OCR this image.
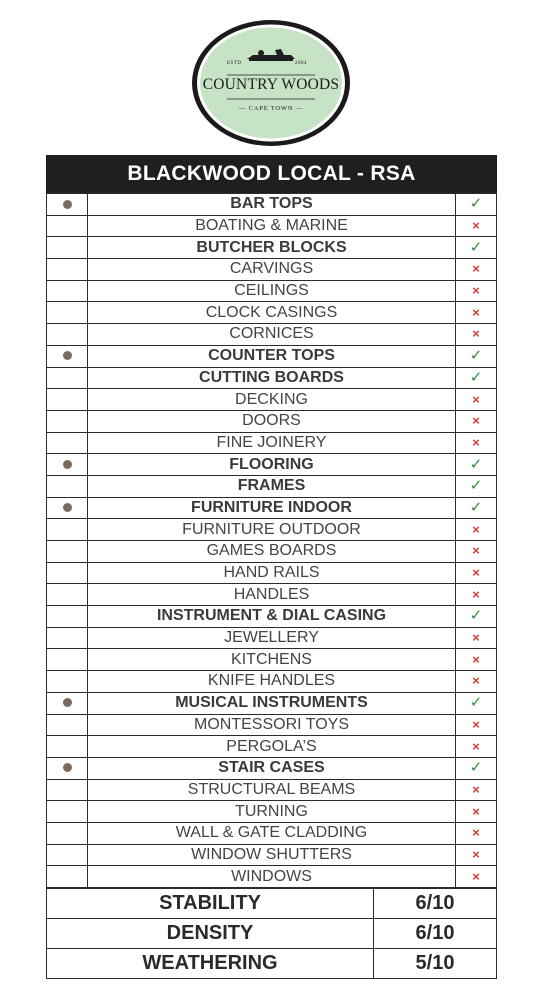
ESTD	2004
COUNTRY WOODS
— CAPE TOWN —
BLACKWOOD LOCAL - RSA
	BAR TOPS	✓
	BOATING & MARINE	×
	BUTCHER BLOCKS	✓
	CARVINGS	×
	CEILINGS	×
	CLOCK CASINGS	×
	CORNICES	×
	COUNTER TOPS	✓
	CUTTING BOARDS	✓
	DECKING	×
	DOORS	×
	FINE JOINERY	×
	FLOORING	✓
	FRAMES	✓
	FURNITURE INDOOR	✓
	FURNITURE OUTDOOR	×
	GAMES BOARDS	×
	HAND RAILS	×
	HANDLES	×
	INSTRUMENT & DIAL CASING	✓
	JEWELLERY	×
	KITCHENS	×
	KNIFE HANDLES	×
	MUSICAL INSTRUMENTS	✓
	MONTESSORI TOYS	×
	PERGOLA’S	×
	STAIR CASES	✓
	STRUCTURAL BEAMS	×
	TURNING	×
	WALL & GATE CLADDING	×
	WINDOW SHUTTERS	×
	WINDOWS	×
STABILITY	6/10
DENSITY	6/10
WEATHERING	5/10
